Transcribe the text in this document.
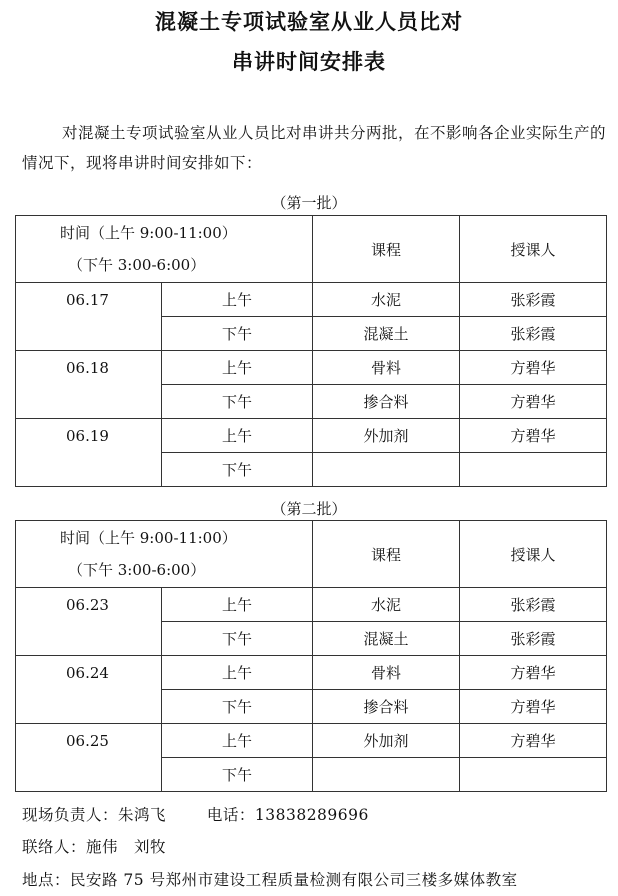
混凝土专项试验室从业人员比对
串讲时间安排表

对混凝土专项试验室从业人员比对串讲共分两批，在不影响各企业实际生产的情况下，现将串讲时间安排如下：

（第一批）
时间（上午 9:00-11:00）
（下午 3:00-6:00）		课程	授课人
06.17	上午	水泥	张彩霞
	下午	混凝土	张彩霞
06.18	上午	骨料	方碧华
	下午	掺合料	方碧华
06.19	上午	外加剂	方碧华
	下午		
（第二批）
时间（上午 9:00-11:00）
（下午 3:00-6:00）		课程	授课人
06.23	上午	水泥	张彩霞
	下午	混凝土	张彩霞
06.24	上午	骨料	方碧华
	下午	掺合料	方碧华
06.25	上午	外加剂	方碧华
	下午		
现场负责人：朱鸿飞	电话：13838289696
联络人：施伟　刘牧
地点：民安路 75 号郑州市建设工程质量检测有限公司三楼多媒体教室
